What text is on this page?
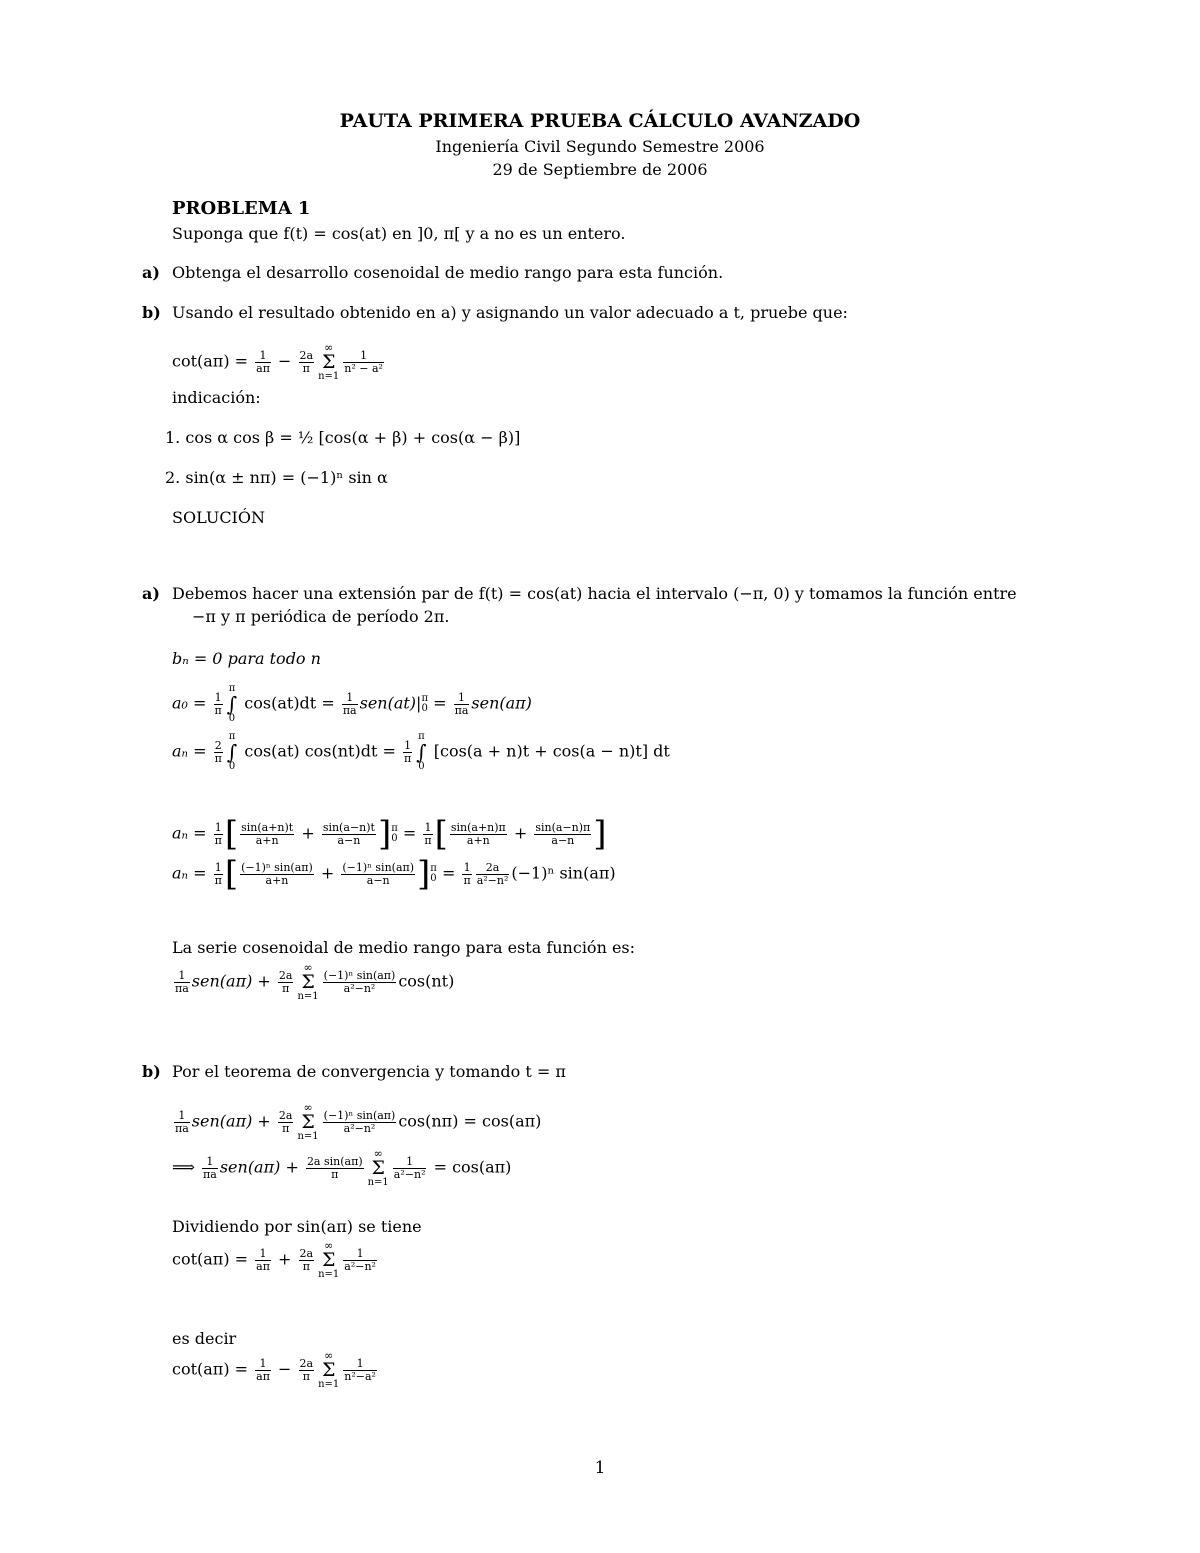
PAUTA PRIMERA PRUEBA CÁLCULO AVANZADO
Ingeniería Civil Segundo Semestre 2006
29 de Septiembre de 2006
PROBLEMA 1
Suponga que f(t) = cos(at) en ]0, π[ y a no es un entero.
a) Obtenga el desarrollo cosenoidal de medio rango para esta función.
b) Usando el resultado obtenido en a) y asignando un valor adecuado a t, pruebe que:
$\cot(a\pi) = \frac{1}{a\pi} - \frac{2a}{\pi}$
∞
Σ
n=1
$\frac{1}{\text{n² − a²}}$
indicación:
1. cos α cos β = ½ [cos(α + β) + cos(α − β)]
2. sin(α ± nπ) = (−1)ⁿ sin α
SOLUCIÓN
a) Debemos hacer una extensión par de f(t) = cos(at) hacia el intervalo (−π, 0) y tomamos la función entre
−π y π periódica de período 2π.
bₙ = 0 para todo n
$a_0 = \frac{1}{\pi}$
π
∫
0
$\cos(at)dt = \frac{1}{\pi a} sen(at)|$ π
$0 = \frac{1}{\pi a} sen(a\pi)$
$a_n = \frac{2}{\pi}$
π
∫
0
cos(at) $\cos(nt)dt = \frac{1}{\pi}$
π
∫
0
[cos(a + n)t + cos(a − n)t] dt
$a_n = \frac{1}{\pi}$ [ $\frac{\sin(a+n)t}{a+n} + \frac{\sin(a-n)t}{a-n}$ ] π
$0 = \frac{1}{\pi}$ [ $\frac{\sin(a+n)\pi}{a+n} + \frac{\sin(a-n)\pi}{a-n}$ ]
$a_n = \frac{1}{\pi}$ [ $\frac{\text{(−1)ⁿ sin(aπ)}}{a+n} + \frac{\text{(−1)ⁿ sin(aπ)}}{a-n}$ ] π
$0 = \frac{1}{\pi} \frac{2a}{\text{a²−n²}} (-1)^n$ sin(aπ)
La serie cosenoidal de medio rango para esta función es:
$\frac{1}{\pi a} sen(a\pi) + \frac{2a}{\pi}$
∞
Σ
n=1
$\frac{\text{(−1)ⁿ sin(aπ)}}{\text{a²−n²}} \cos(nt)$
b) Por el teorema de convergencia y tomando t = π
$\frac{1}{\pi a} sen(a\pi) + \frac{2a}{\pi}$
∞
Σ
n=1
$\frac{\text{(−1)ⁿ sin(aπ)}}{\text{a²−n²}} \cos(n\pi) = \cos(a\pi)$
⟹ $\frac{1}{\pi a} sen(a\pi) + \frac{\text{2a sin(aπ)}}{\pi}$
∞
Σ
n=1
$\frac{1}{\text{a²−n²}} = \cos(a\pi)$
Dividiendo por sin(aπ) se tiene
$\cot(a\pi) = \frac{1}{a\pi} + \frac{2a}{\pi}$
∞
Σ
n=1
$\frac{1}{\text{a²−n²}}$
es decir
$\cot(a\pi) = \frac{1}{a\pi} - \frac{2a}{\pi}$
∞
Σ
n=1
$\frac{1}{\text{n²−a²}}$
1
